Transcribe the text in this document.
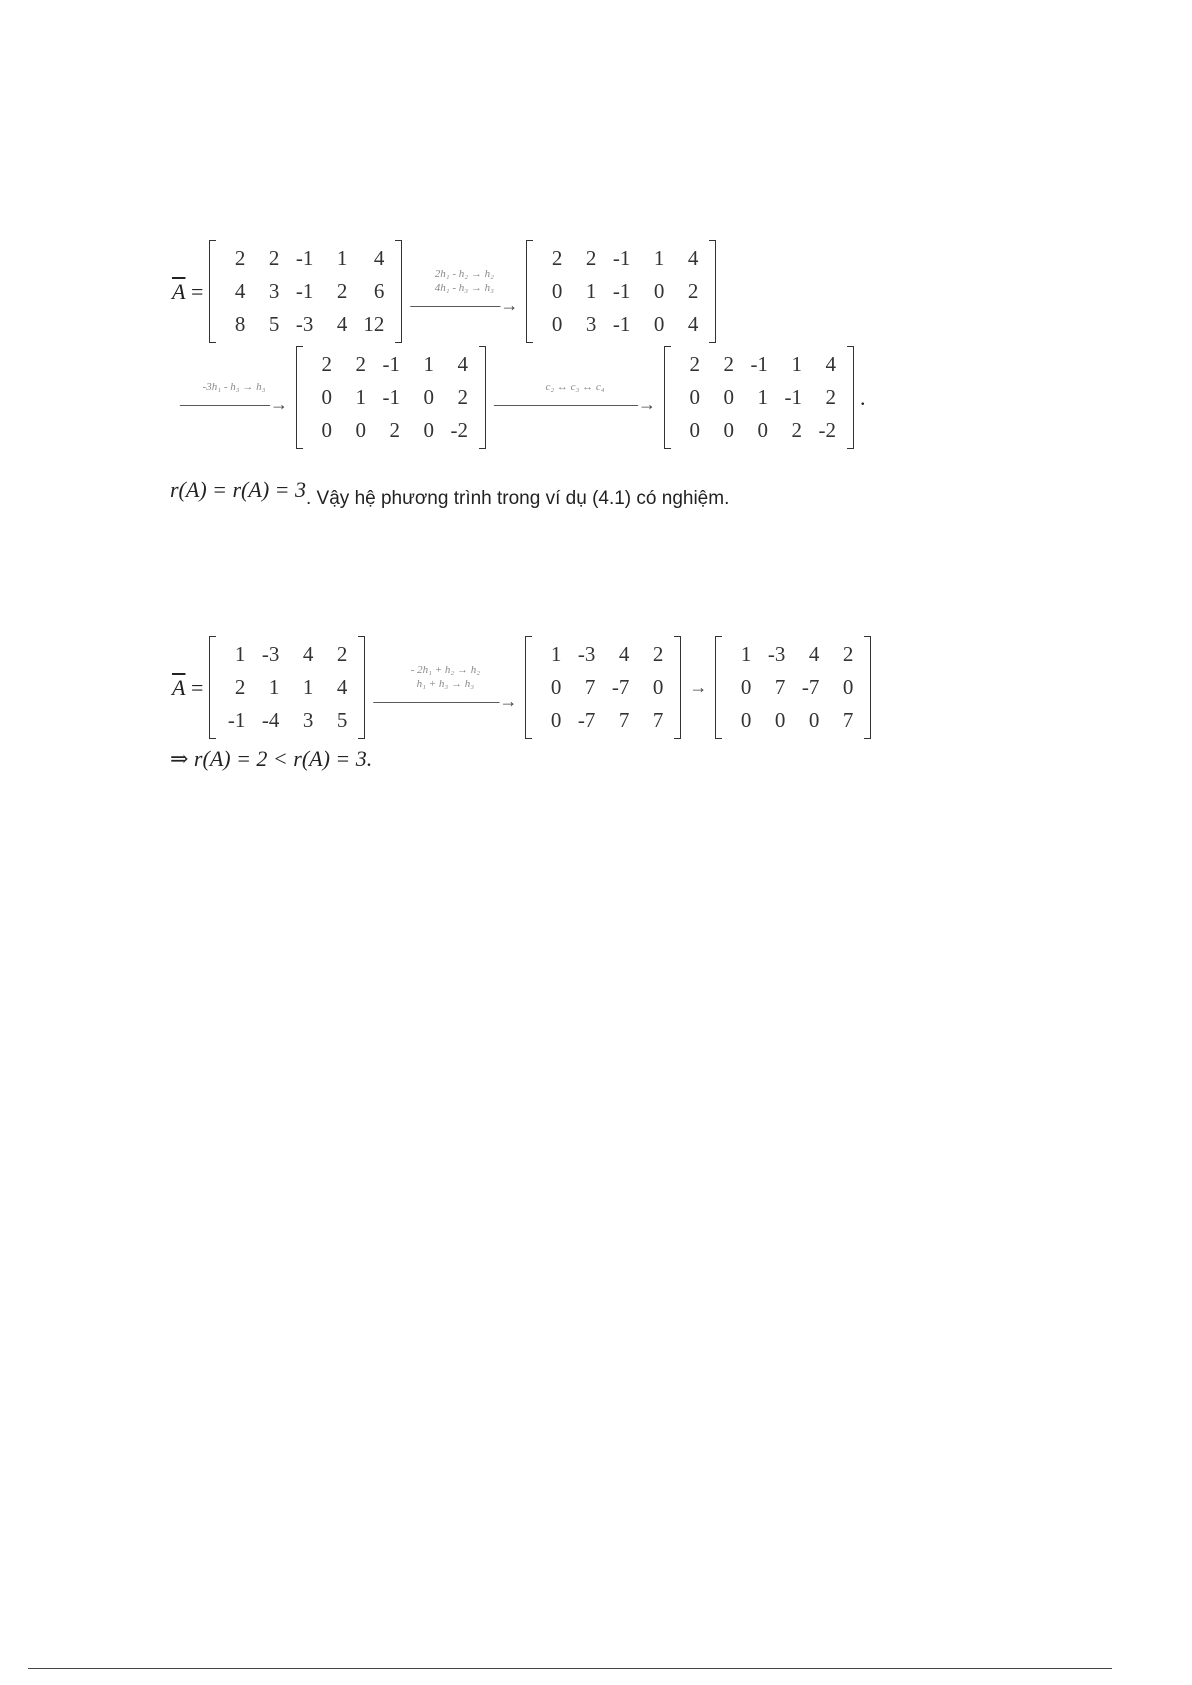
$\overline{A}$ =
2	2 -1	1	4
4	3 -1	2	6
8	5 -3	4 12
2h₁ - h₂ → h₂
4h₁ - h₃ → h₃
—————→
2	2 -1	1	4
0	1 -1	0	2
0	3 -1	0	4
-3h₁ - h₃ → h₃
—————→
2	2 -1	1	4
0	1 -1	0	2
0	0	2	0 -2
c₂ ↔ c₃ ↔ c₄
————————→
2	2 -1	1	4
0	0	1 -1	2
0	0	0	2 -2
.
r(A) = r(A) = 3 . Vậy hệ phương trình trong ví dụ (4.1) có nghiệm.
$\overline{A}$ =
1 -3	4	2
2	1	1	4
-1 -4	3	5
- 2h₁ + h₂ → h₂
h₁ + h₃ → h₃
———————→
1 -3	4	2
0	7 -7	0
0 -7	7	7
→
1 -3	4	2
0	7 -7	0
0	0	0	7
⇒ r(A) = 2 < r(A) = 3.
